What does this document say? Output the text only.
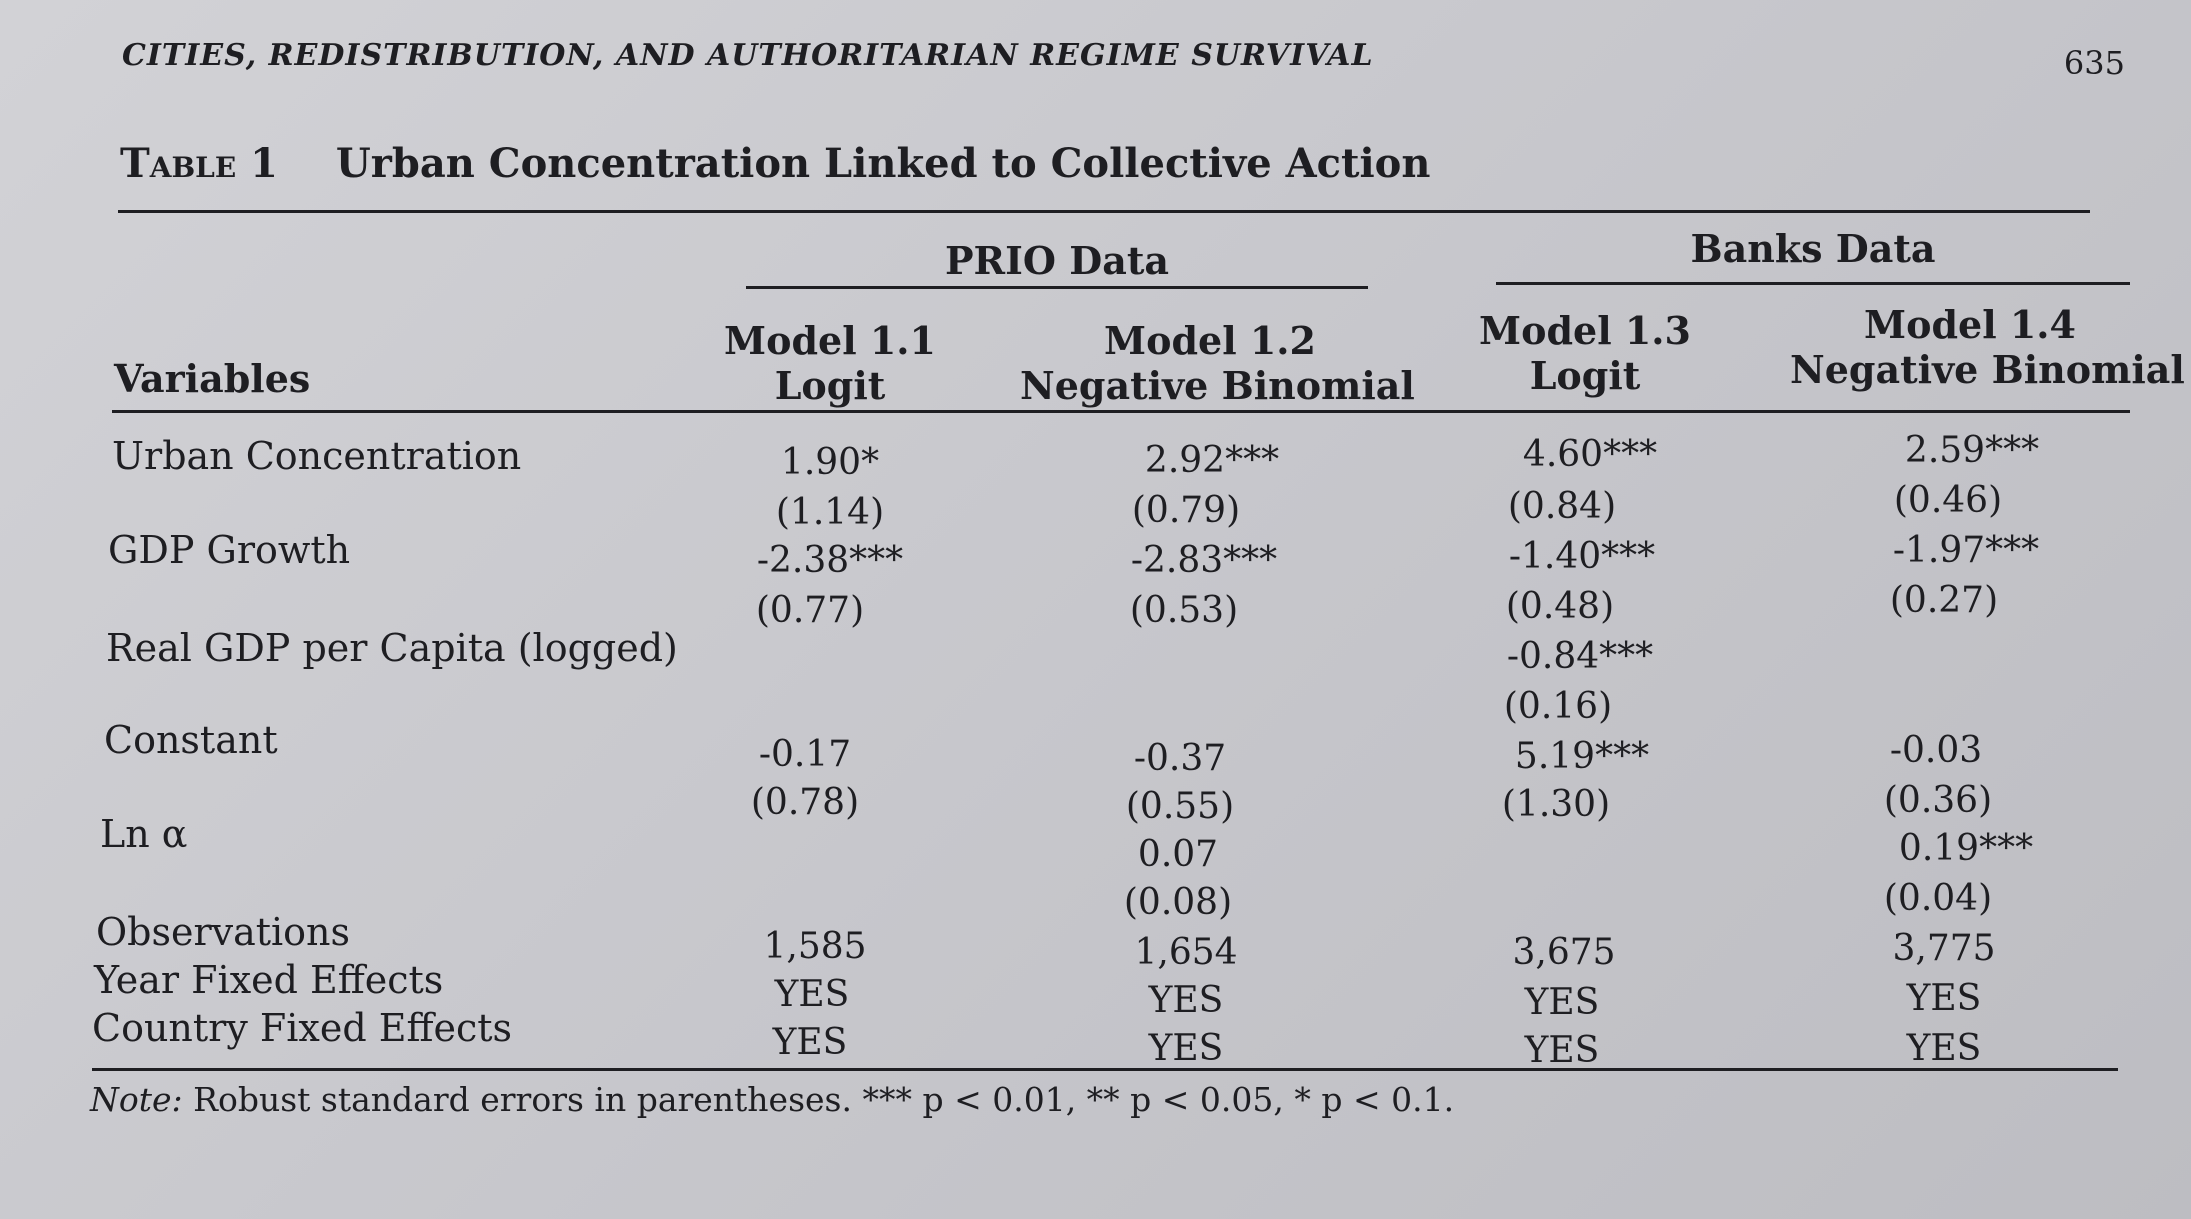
CITIES, REDISTRIBUTION, AND AUTHORITARIAN REGIME SURVIVAL	635
Table 1 Urban Concentration Linked to Collective Action
PRIO Data	Banks Data
Model 1.1
Logit
Model 1.2
Negative Binomial
Model 1.3
Logit
Model 1.4
Negative Binomial
Variables
Urban Concentration
GDP Growth
Real GDP per Capita (logged)
Constant
Ln α
Observations
Year Fixed Effects
Country Fixed Effects
1.90*
(1.14)
-2.38***
(0.77)
-0.17
(0.78)
1,585
YES
YES
2.92***
(0.79)
-2.83***
(0.53)
-0.37
(0.55)
0.07
(0.08)
1,654
YES
YES
4.60***
(0.84)
-1.40***
(0.48)
-0.84***
(0.16)
5.19***
(1.30)
3,675
YES
YES
2.59***
(0.46)
-1.97***
(0.27)
-0.03
(0.36)
0.19***
(0.04)
3,775
YES
YES
Note: Robust standard errors in parentheses. *** p < 0.01, ** p < 0.05, * p < 0.1.
